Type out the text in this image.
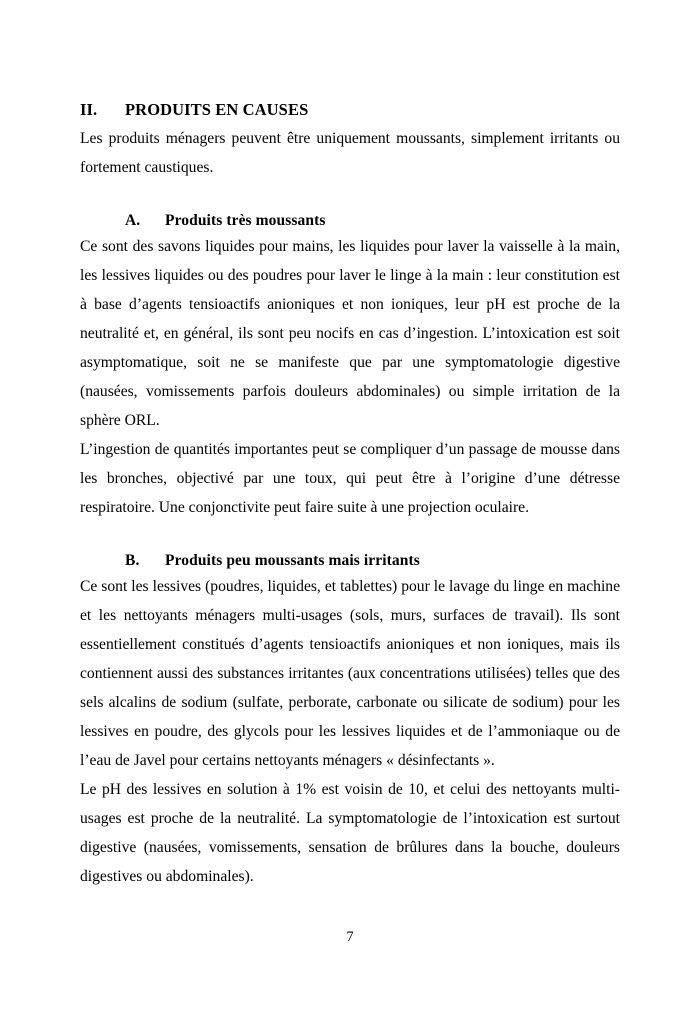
II. PRODUITS EN CAUSES

Les produits ménagers peuvent être uniquement moussants, simplement irritants ou fortement caustiques.

A. Produits très moussants

Ce sont des savons liquides pour mains, les liquides pour laver la vaisselle à la main, les lessives liquides ou des poudres pour laver le linge à la main : leur constitution est à base d’agents tensioactifs anioniques et non ioniques, leur pH est proche de la neutralité et, en général, ils sont peu nocifs en cas d’ingestion. L’intoxication est soit asymptomatique, soit ne se manifeste que par une symptomatologie digestive (nausées, vomissements parfois douleurs abdominales) ou simple irritation de la sphère ORL.

L’ingestion de quantités importantes peut se compliquer d’un passage de mousse dans les bronches, objectivé par une toux, qui peut être à l’origine d’une détresse respiratoire. Une conjonctivite peut faire suite à une projection oculaire.

B. Produits peu moussants mais irritants

Ce sont les lessives (poudres, liquides, et tablettes) pour le lavage du linge en machine et les nettoyants ménagers multi-usages (sols, murs, surfaces de travail). Ils sont essentiellement constitués d’agents tensioactifs anioniques et non ioniques, mais ils contiennent aussi des substances irritantes (aux concentrations utilisées) telles que des sels alcalins de sodium (sulfate, perborate, carbonate ou silicate de sodium) pour les lessives en poudre, des glycols pour les lessives liquides et de l’ammoniaque ou de l’eau de Javel pour certains nettoyants ménagers « désinfectants ».

Le pH des lessives en solution à 1% est voisin de 10, et celui des nettoyants multi-usages est proche de la neutralité. La symptomatologie de l’intoxication est surtout digestive (nausées, vomissements, sensation de brûlures dans la bouche, douleurs digestives ou abdominales).

7
